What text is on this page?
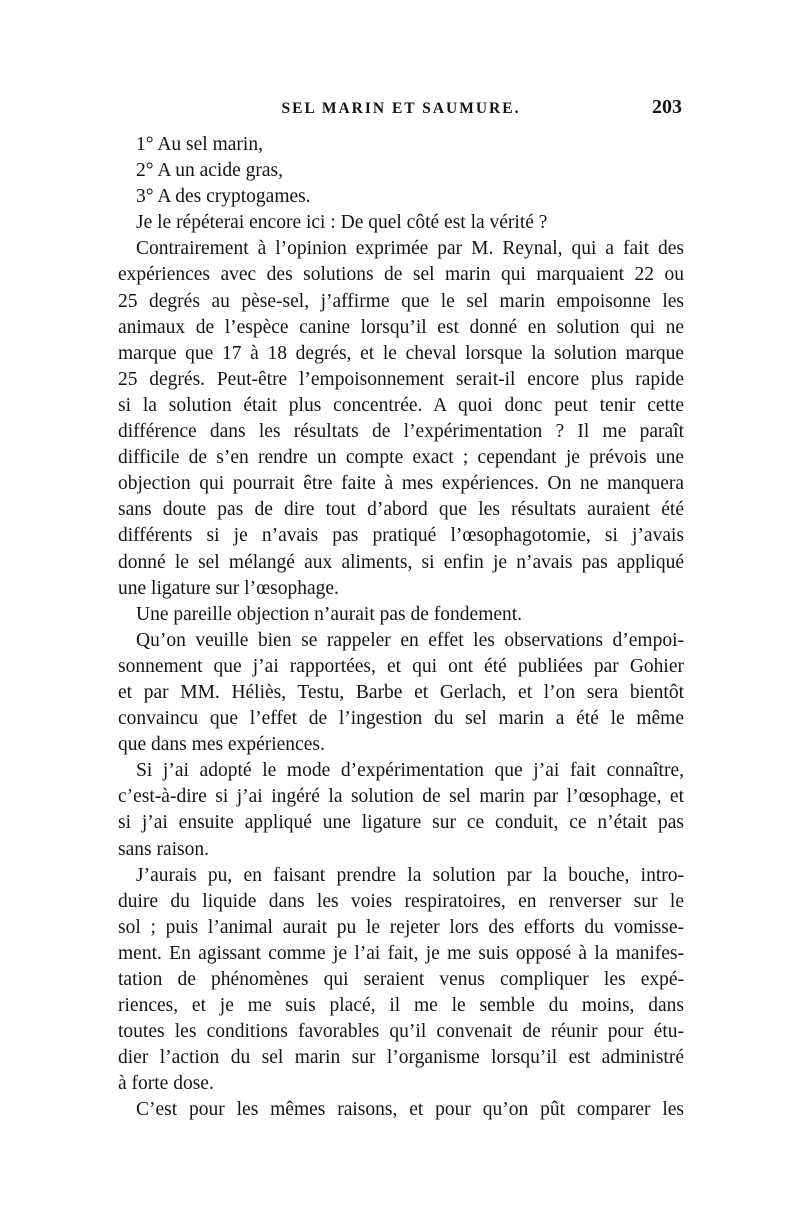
SEL MARIN ET SAUMURE.	203
1° Au sel marin,
2° A un acide gras,
3° A des cryptogames.
Je le répéterai encore ici : De quel côté est la vérité ?
Contrairement à l’opinion exprimée par M. Reynal, qui a fait des
expériences avec des solutions de sel marin qui marquaient 22 ou
25 degrés au pèse-sel, j’affirme que le sel marin empoisonne les
animaux de l’espèce canine lorsqu’il est donné en solution qui ne
marque que 17 à 18 degrés, et le cheval lorsque la solution marque
25 degrés. Peut-être l’empoisonnement serait-il encore plus rapide
si la solution était plus concentrée. A quoi donc peut tenir cette
différence dans les résultats de l’expérimentation ? Il me paraît
difficile de s’en rendre un compte exact ; cependant je prévois une
objection qui pourrait être faite à mes expériences. On ne manquera
sans doute pas de dire tout d’abord que les résultats auraient été
différents si je n’avais pas pratiqué l’œsophagotomie, si j’avais
donné le sel mélangé aux aliments, si enfin je n’avais pas appliqué
une ligature sur l’œsophage.
Une pareille objection n’aurait pas de fondement.
Qu’on veuille bien se rappeler en effet les observations d’empoi-
sonnement que j’ai rapportées, et qui ont été publiées par Gohier
et par MM. Héliès, Testu, Barbe et Gerlach, et l’on sera bientôt
convaincu que l’effet de l’ingestion du sel marin a été le même
que dans mes expériences.
Si j’ai adopté le mode d’expérimentation que j’ai fait connaître,
c’est-à-dire si j’ai ingéré la solution de sel marin par l’œsophage, et
si j’ai ensuite appliqué une ligature sur ce conduit, ce n’était pas
sans raison.
J’aurais pu, en faisant prendre la solution par la bouche, intro-
duire du liquide dans les voies respiratoires, en renverser sur le
sol ; puis l’animal aurait pu le rejeter lors des efforts du vomisse-
ment. En agissant comme je l’ai fait, je me suis opposé à la manifes-
tation de phénomènes qui seraient venus compliquer les expé-
riences, et je me suis placé, il me le semble du moins, dans
toutes les conditions favorables qu’il convenait de réunir pour étu-
dier l’action du sel marin sur l’organisme lorsqu’il est administré
à forte dose.
C’est pour les mêmes raisons, et pour qu’on pût comparer les
